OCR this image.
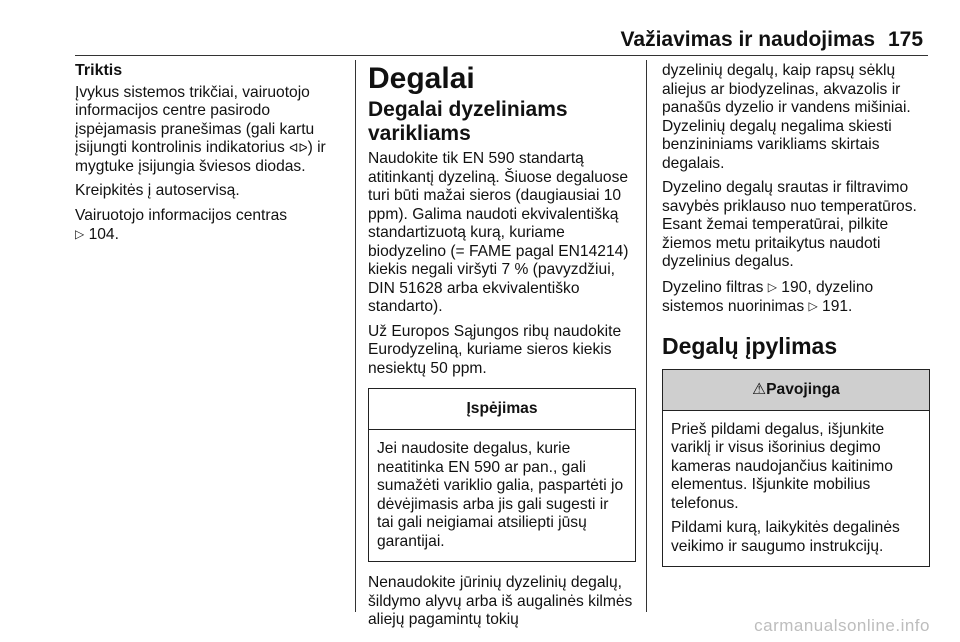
Važiavimas ir naudojimas 175
Triktis

Įvykus sistemos trikčiai, vairuotojo informacijos centre pasirodo įspėjamasis pranešimas (gali kartu įsijungti kontrolinis indikatorius ᐊᐅ) ir mygtuke įsijungia šviesos diodas.

Kreipkitės į autoservisą.

Vairuotojo informacijos centras
▷ 104.

Degalai
Degalai dyzeliniams varikliams

Naudokite tik EN 590 standartą atitinkantį dyzeliną. Šiuose degaluose turi būti mažai sieros (daugiausiai 10 ppm). Galima naudoti ekvivalentišką standartizuotą kurą, kuriame biodyzelino (= FAME pagal EN14214) kiekis negali viršyti 7 % (pavyzdžiui, DIN 51628 arba ekvivalentiško standarto).

Už Europos Sąjungos ribų naudokite Eurodyzeliną, kuriame sieros kiekis nesiektų 50 ppm.

Įspėjimas

Jei naudosite degalus, kurie neatitinka EN 590 ar pan., gali sumažėti variklio galia, paspartėti jo dėvėjimasis arba jis gali sugesti ir tai gali neigiamai atsiliepti jūsų garantijai.

Nenaudokite jūrinių dyzelinių degalų, šildymo alyvų arba iš augalinės kilmės aliejų pagamintų tokių

dyzelinių degalų, kaip rapsų sėklų aliejus ar biodyzelinas, akvazolis ir panašūs dyzelio ir vandens mišiniai. Dyzelinių degalų negalima skiesti benzininiams varikliams skirtais degalais.

Dyzelino degalų srautas ir filtravimo savybės priklauso nuo temperatūros. Esant žemai temperatūrai, pilkite žiemos metu pritaikytus naudoti dyzelinius degalus.

Dyzelino filtras ▷ 190, dyzelino sistemos nuorinimas ▷ 191.

Degalų įpylimas
⚠Pavojinga

Prieš pildami degalus, išjunkite variklį ir visus išorinius degimo kameras naudojančius kaitinimo elementus. Išjunkite mobilius telefonus.

Pildami kurą, laikykitės degalinės veikimo ir saugumo instrukcijų.

carmanualsonline.info
